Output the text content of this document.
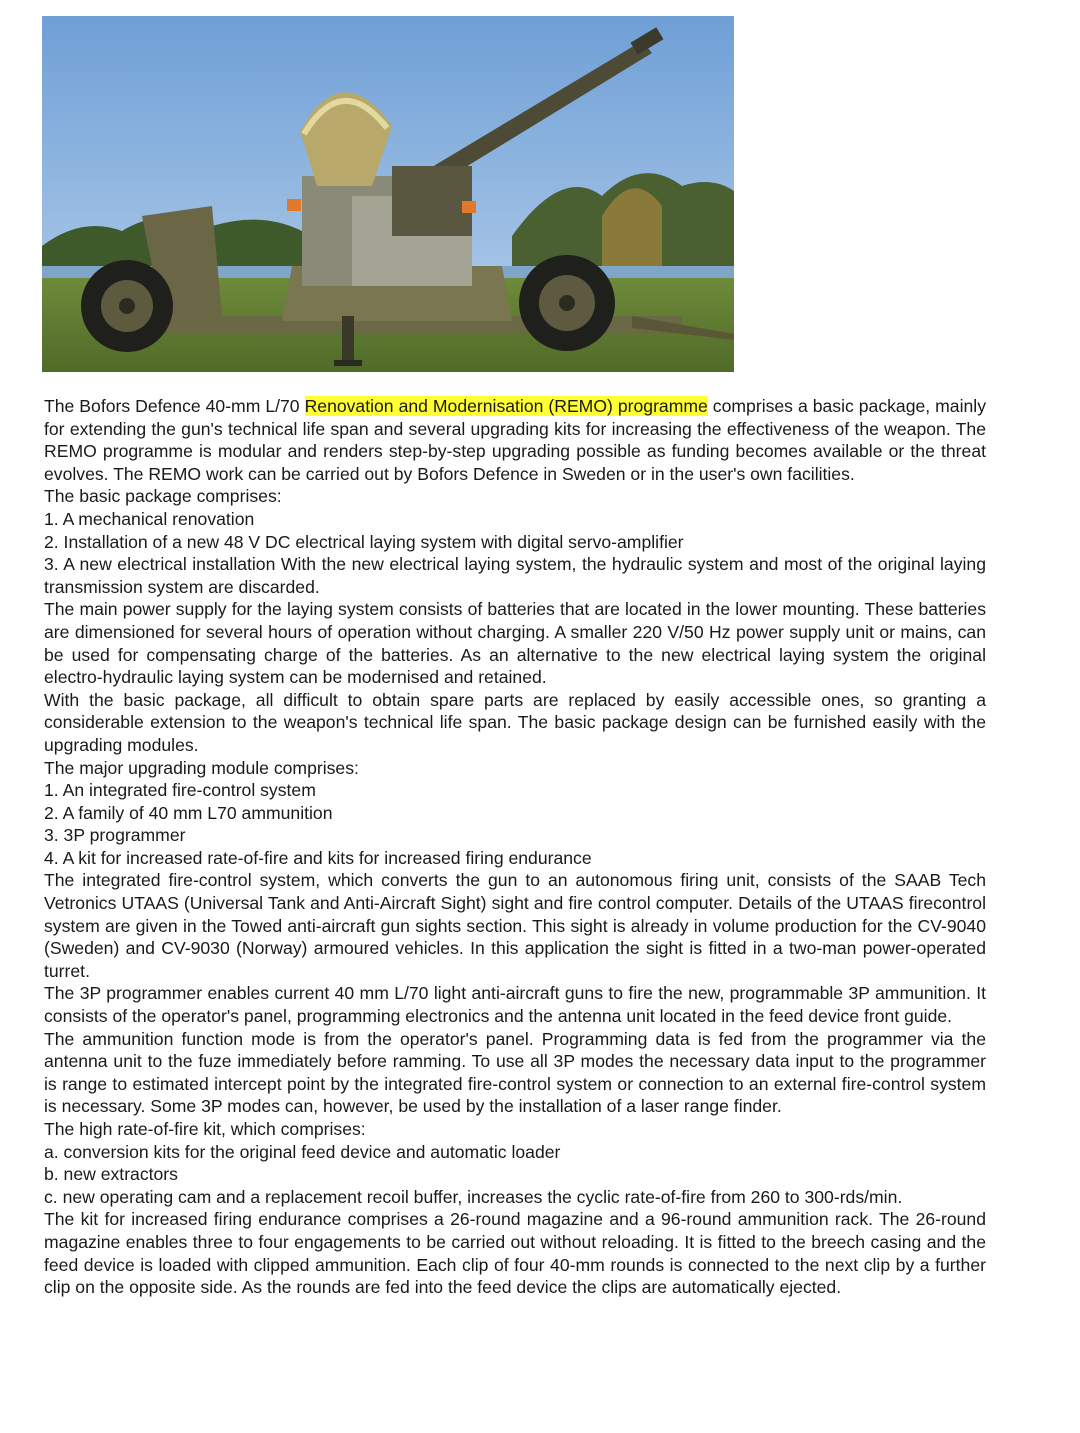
The Bofors Defence 40-mm L/70 Renovation and Modernisation (REMO) programme comprises a basic package, mainly for extending the gun's technical life span and several upgrading kits for increasing the effectiveness of the weapon. The REMO programme is modular and renders step-by-step upgrading possible as funding becomes available or the threat evolves. The REMO work can be carried out by Bofors Defence in Sweden or in the user's own facilities.

The basic package comprises:

1. A mechanical renovation

2. Installation of a new 48 V DC electrical laying system with digital servo-amplifier

3. A new electrical installation With the new electrical laying system, the hydraulic system and most of the original laying transmission system are discarded.

The main power supply for the laying system consists of batteries that are located in the lower mounting. These batteries are dimensioned for several hours of operation without charging. A smaller 220 V/50 Hz power supply unit or mains, can be used for compensating charge of the batteries. As an alternative to the new electrical laying system the original electro-hydraulic laying system can be modernised and retained.

With the basic package, all difficult to obtain spare parts are replaced by easily accessible ones, so granting a considerable extension to the weapon's technical life span. The basic package design can be furnished easily with the upgrading modules.

The major upgrading module comprises:

1. An integrated fire-control system

2. A family of 40 mm L70 ammunition

3. 3P programmer

4. A kit for increased rate-of-fire and kits for increased firing endurance

The integrated fire-control system, which converts the gun to an autonomous firing unit, consists of the SAAB Tech Vetronics UTAAS (Universal Tank and Anti-Aircraft Sight) sight and fire control computer. Details of the UTAAS firecontrol system are given in the Towed anti-aircraft gun sights section. This sight is already in volume production for the CV-9040 (Sweden) and CV-9030 (Norway) armoured vehicles. In this application the sight is fitted in a two-man power-operated turret.

The 3P programmer enables current 40 mm L/70 light anti-aircraft guns to fire the new, programmable 3P ammunition. It consists of the operator's panel, programming electronics and the antenna unit located in the feed device front guide.

The ammunition function mode is from the operator's panel. Programming data is fed from the programmer via the antenna unit to the fuze immediately before ramming. To use all 3P modes the necessary data input to the programmer is range to estimated intercept point by the integrated fire-control system or connection to an external fire-control system is necessary. Some 3P modes can, however, be used by the installation of a laser range finder.

The high rate-of-fire kit, which comprises:

a. conversion kits for the original feed device and automatic loader

b. new extractors

c. new operating cam and a replacement recoil buffer, increases the cyclic rate-of-fire from 260 to 300-rds/min.

The kit for increased firing endurance comprises a 26-round magazine and a 96-round ammunition rack. The 26-round magazine enables three to four engagements to be carried out without reloading. It is fitted to the breech casing and the feed device is loaded with clipped ammunition. Each clip of four 40-mm rounds is connected to the next clip by a further clip on the opposite side. As the rounds are fed into the feed device the clips are automatically ejected.
